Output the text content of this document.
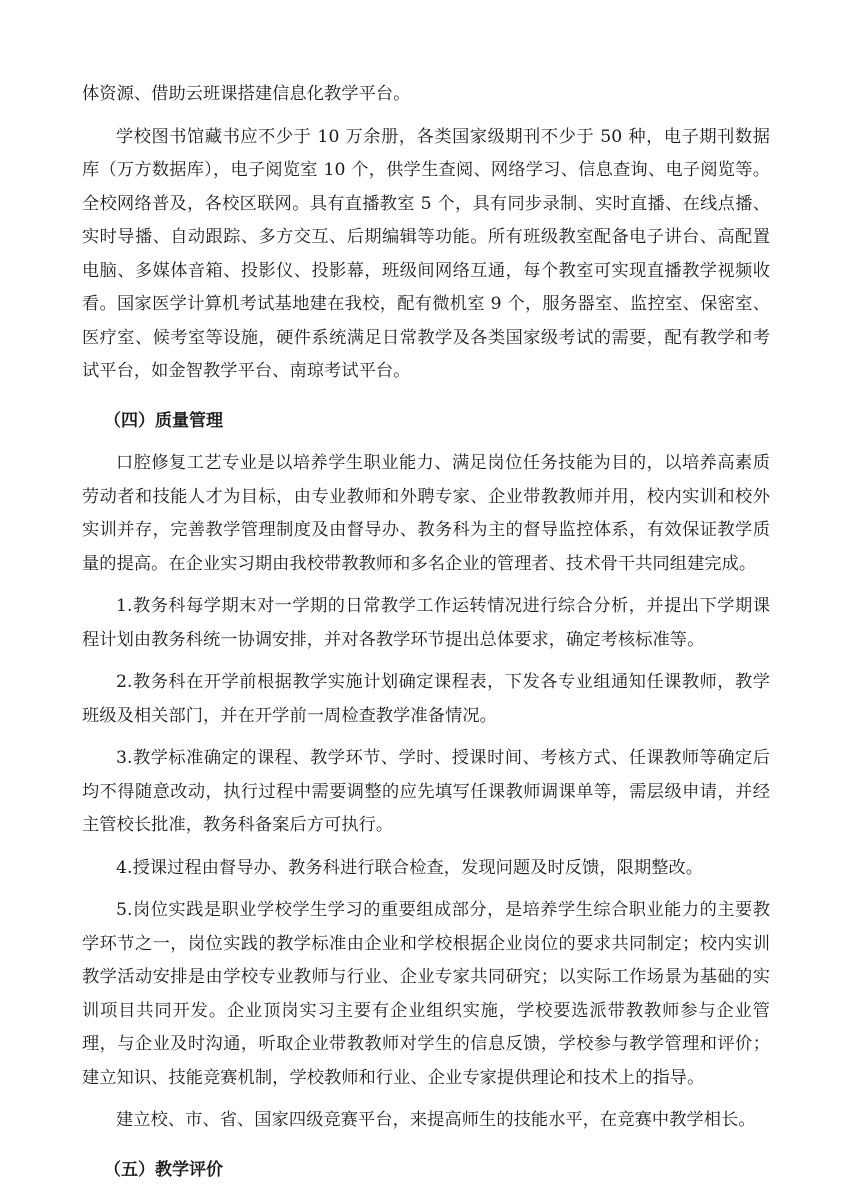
体资源、借助云班课搭建信息化教学平台。

学校图书馆藏书应不少于 10 万余册，各类国家级期刊不少于 50 种，电子期刊数据库（万方数据库），电子阅览室 10 个，供学生查阅、网络学习、信息查询、电子阅览等。全校网络普及，各校区联网。具有直播教室 5 个，具有同步录制、实时直播、在线点播、实时导播、自动跟踪、多方交互、后期编辑等功能。所有班级教室配备电子讲台、高配置电脑、多媒体音箱、投影仪、投影幕，班级间网络互通，每个教室可实现直播教学视频收看。国家医学计算机考试基地建在我校，配有微机室 9 个，服务器室、监控室、保密室、医疗室、候考室等设施，硬件系统满足日常教学及各类国家级考试的需要，配有教学和考试平台，如金智教学平台、南琼考试平台。

（四）质量管理

口腔修复工艺专业是以培养学生职业能力、满足岗位任务技能为目的，以培养高素质劳动者和技能人才为目标，由专业教师和外聘专家、企业带教教师并用，校内实训和校外实训并存，完善教学管理制度及由督导办、教务科为主的督导监控体系，有效保证教学质量的提高。在企业实习期由我校带教教师和多名企业的管理者、技术骨干共同组建完成。

1.教务科每学期末对一学期的日常教学工作运转情况进行综合分析，并提出下学期课程计划由教务科统一协调安排，并对各教学环节提出总体要求，确定考核标准等。

2.教务科在开学前根据教学实施计划确定课程表，下发各专业组通知任课教师，教学班级及相关部门，并在开学前一周检查教学准备情况。

3.教学标准确定的课程、教学环节、学时、授课时间、考核方式、任课教师等确定后均不得随意改动，执行过程中需要调整的应先填写任课教师调课单等，需层级申请，并经主管校长批准，教务科备案后方可执行。

4.授课过程由督导办、教务科进行联合检查，发现问题及时反馈，限期整改。

5.岗位实践是职业学校学生学习的重要组成部分，是培养学生综合职业能力的主要教学环节之一，岗位实践的教学标准由企业和学校根据企业岗位的要求共同制定；校内实训教学活动安排是由学校专业教师与行业、企业专家共同研究；以实际工作场景为基础的实训项目共同开发。企业顶岗实习主要有企业组织实施，学校要选派带教教师参与企业管理，与企业及时沟通，听取企业带教教师对学生的信息反馈，学校参与教学管理和评价；建立知识、技能竞赛机制，学校教师和行业、企业专家提供理论和技术上的指导。

建立校、市、省、国家四级竞赛平台，来提高师生的技能水平，在竞赛中教学相长。

（五）教学评价
